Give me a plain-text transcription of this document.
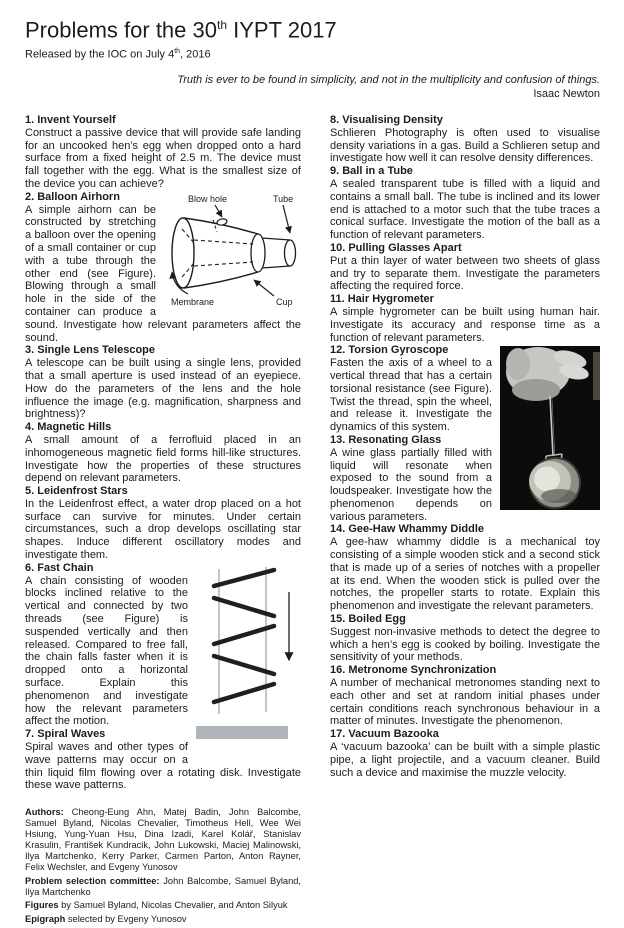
Problems for the 30th IYPT 2017

Released by the IOC on July 4th, 2016

Truth is ever to be found in simplicity, and not in the multiplicity and confusion of things.

Isaac Newton

1. Invent Yourself

Construct a passive device that will provide safe landing for an uncooked hen’s egg when dropped onto a hard surface from a fixed height of 2.5 m. The device must fall together with the egg. What is the smallest size of the device you can achieve?

Blow hole	Tube
Membrane	Cup
2. Balloon Airhorn

A simple airhorn can be constructed by stretching a balloon over the opening of a small container or cup with a tube through the other end (see Figure). Blowing through a small hole in the side of the container can produce a sound. Investigate how relevant parameters affect the sound.

3. Single Lens Telescope

A telescope can be built using a single lens, provided that a small aperture is used instead of an eyepiece. How do the parameters of the lens and the hole influence the image (e.g. magnification, sharpness and brightness)?

4. Magnetic Hills

A small amount of a ferrofluid placed in an inhomogeneous magnetic field forms hill-like structures. Investigate how the properties of these structures depend on relevant parameters.

5. Leidenfrost Stars

In the Leidenfrost effect, a water drop placed on a hot surface can survive for minutes. Under certain circumstances, such a drop develops oscillating star shapes. Induce different oscillatory modes and investigate them.

6. Fast Chain

A chain consisting of wooden blocks inclined relative to the vertical and connected by two threads (see Figure) is suspended vertically and then released. Compared to free fall, the chain falls faster when it is dropped onto a horizontal surface. Explain this phenomenon and investigate how the relevant parameters affect the motion.

7. Spiral Waves

Spiral waves and other types of wave patterns may occur on a thin liquid film flowing over a rotating disk. Investigate these wave patterns.

Authors: Cheong-Eung Ahn, Matej Badin, John Balcombe, Samuel Byland, Nicolas Chevalier, Timotheus Hell, Wee Wei Hsiung, Yung-Yuan Hsu, Dina Izadi, Karel Kolář, Stanislav Krasulin, František Kundracik, John Lukowski, Maciej Malinowski, Ilya Martchenko, Kerry Parker, Carmen Parton, Anton Rayner, Felix Wechsler, and Evgeny Yunosov

Problem selection committee: John Balcombe, Samuel Byland, Ilya Martchenko

Figures by Samuel Byland, Nicolas Chevalier, and Anton Silyuk

Epigraph selected by Evgeny Yunosov

8. Visualising Density

Schlieren Photography is often used to visualise density variations in a gas. Build a Schlieren setup and investigate how well it can resolve density differences.

9. Ball in a Tube

A sealed transparent tube is filled with a liquid and contains a small ball. The tube is inclined and its lower end is attached to a motor such that the tube traces a conical surface. Investigate the motion of the ball as a function of relevant parameters.

10. Pulling Glasses Apart

Put a thin layer of water between two sheets of glass and try to separate them. Investigate the parameters affecting the required force.

11. Hair Hygrometer

A simple hygrometer can be built using human hair. Investigate its accuracy and response time as a function of relevant parameters.

12. Torsion Gyroscope

Fasten the axis of a wheel to a vertical thread that has a certain torsional resistance (see Figure). Twist the thread, spin the wheel, and release it. Investigate the dynamics of this system.

13. Resonating Glass

A wine glass partially filled with liquid will resonate when exposed to the sound from a loudspeaker. Investigate how the phenomenon depends on various parameters.

14. Gee-Haw Whammy Diddle

A gee-haw whammy diddle is a mechanical toy consisting of a simple wooden stick and a second stick that is made up of a series of notches with a propeller at its end. When the wooden stick is pulled over the notches, the propeller starts to rotate. Explain this phenomenon and investigate the relevant parameters.

15. Boiled Egg

Suggest non-invasive methods to detect the degree to which a hen’s egg is cooked by boiling. Investigate the sensitivity of your methods.

16. Metronome Synchronization

A number of mechanical metronomes standing next to each other and set at random initial phases under certain conditions reach synchronous behaviour in a matter of minutes. Investigate the phenomenon.

17. Vacuum Bazooka

A ‘vacuum bazooka’ can be built with a simple plastic pipe, a light projectile, and a vacuum cleaner. Build such a device and maximise the muzzle velocity.
